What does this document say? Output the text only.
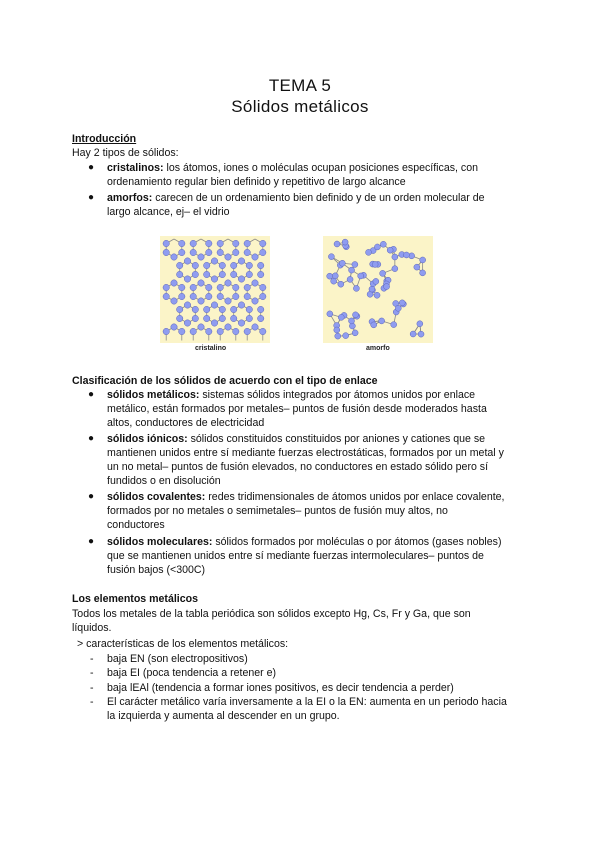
TEMA 5
Sólidos metálicos
Introducción
Hay 2 tipos de sólidos:
● cristalinos: los átomos, iones o moléculas ocupan posiciones específicas, con
ordenamiento regular bien definido y repetitivo de largo alcance
● amorfos: carecen de un ordenamiento bien definido y de un orden molecular de
largo alcance, ej– el vidrio
cristalino	amorfo
Clasificación de los sólidos de acuerdo con el tipo de enlace
● sólidos metálicos: sistemas sólidos integrados por átomos unidos por enlace
metálico, están formados por metales– puntos de fusión desde moderados hasta
altos, conductores de electricidad
● sólidos iónicos: sólidos constituidos constituidos por aniones y cationes que se
mantienen unidos entre sí mediante fuerzas electrostáticas, formados por un metal y
un no metal– puntos de fusión elevados, no conductores en estado sólido pero sí
fundidos o en disolución
● sólidos covalentes: redes tridimensionales de átomos unidos por enlace covalente,
formados por no metales o semimetales– puntos de fusión muy altos, no
conductores
● sólidos moleculares: sólidos formados por moléculas o por átomos (gases nobles)
que se mantienen unidos entre sí mediante fuerzas intermoleculares– puntos de
fusión bajos (<300C)
Los elementos metálicos
Todos los metales de la tabla periódica son sólidos excepto Hg, Cs, Fr y Ga, que son
líquidos.
> características de los elementos metálicos:
- baja EN (son electropositivos)
- baja EI (poca tendencia a retener e)
- baja lEAl (tendencia a formar iones positivos, es decir tendencia a perder)
- El carácter metálico varía inversamente a la EI o la EN: aumenta en un periodo hacia
la izquierda y aumenta al descender en un grupo.
